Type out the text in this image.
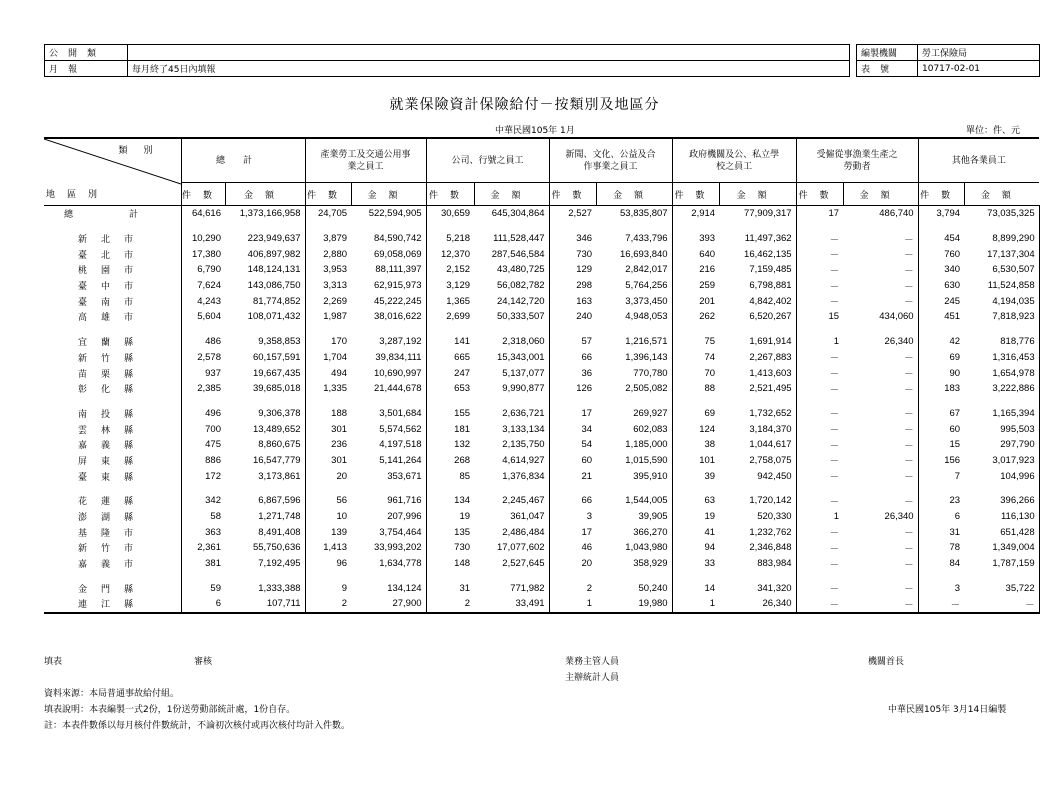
公開類	
月報	每月終了45日內填報
編製機關	勞工保險局
表號	10717-02-01
就業保險資計保險給付－按類別及地區分
中華民國105年 1月	單位：件、元
類別
地區別	總計		產業勞工及交通公用事業之員工		公司、行號之員工		新聞、文化、公益及合作事業之員工		政府機關及公、私立學校之員工		受僱從事漁業生產之勞動者		其他各業員工	
	件數	金額	件數	金額	件數	金額	件數	金額	件數	金額	件數	金額	件數	金額
總計	64,616	1,373,166,958	24,705	522,594,905	30,659	645,304,864	2,527	53,835,807	2,914	77,909,317	17	486,740	3,794	73,035,325

新北市	10,290	223,949,637	3,879	84,590,742	5,218	111,528,447	346	7,433,796	393	11,497,362	－	－	454	8,899,290
臺北市	17,380	406,897,982	2,880	69,058,069	12,370	287,546,584	730	16,693,840	640	16,462,135	－	－	760	17,137,304
桃園市	6,790	148,124,131	3,953	88,111,397	2,152	43,480,725	129	2,842,017	216	7,159,485	－	－	340	6,530,507
臺中市	7,624	143,086,750	3,313	62,915,973	3,129	56,082,782	298	5,764,256	259	6,798,881	－	－	630	11,524,858
臺南市	4,243	81,774,852	2,269	45,222,245	1,365	24,142,720	163	3,373,450	201	4,842,402	－	－	245	4,194,035
高雄市	5,604	108,071,432	1,987	38,016,622	2,699	50,333,507	240	4,948,053	262	6,520,267	15	434,060	451	7,818,923

宜蘭縣	486	9,358,853	170	3,287,192	141	2,318,060	57	1,216,571	75	1,691,914	1	26,340	42	818,776
新竹縣	2,578	60,157,591	1,704	39,834,111	665	15,343,001	66	1,396,143	74	2,267,883	－	－	69	1,316,453
苗栗縣	937	19,667,435	494	10,690,997	247	5,137,077	36	770,780	70	1,413,603	－	－	90	1,654,978
彰化縣	2,385	39,685,018	1,335	21,444,678	653	9,990,877	126	2,505,082	88	2,521,495	－	－	183	3,222,886

南投縣	496	9,306,378	188	3,501,684	155	2,636,721	17	269,927	69	1,732,652	－	－	67	1,165,394
雲林縣	700	13,489,652	301	5,574,562	181	3,133,134	34	602,083	124	3,184,370	－	－	60	995,503
嘉義縣	475	8,860,675	236	4,197,518	132	2,135,750	54	1,185,000	38	1,044,617	－	－	15	297,790
屏東縣	886	16,547,779	301	5,141,264	268	4,614,927	60	1,015,590	101	2,758,075	－	－	156	3,017,923
臺東縣	172	3,173,861	20	353,671	85	1,376,834	21	395,910	39	942,450	－	－	7	104,996

花蓮縣	342	6,867,596	56	961,716	134	2,245,467	66	1,544,005	63	1,720,142	－	－	23	396,266
澎湖縣	58	1,271,748	10	207,996	19	361,047	3	39,905	19	520,330	1	26,340	6	116,130
基隆市	363	8,491,408	139	3,754,464	135	2,486,484	17	366,270	41	1,232,762	－	－	31	651,428
新竹市	2,361	55,750,636	1,413	33,993,202	730	17,077,602	46	1,043,980	94	2,346,848	－	－	78	1,349,004
嘉義市	381	7,192,495	96	1,634,778	148	2,527,645	20	358,929	33	883,984	－	－	84	1,787,159

金門縣	59	1,333,388	9	134,124	31	771,982	2	50,240	14	341,320	－	－	3	35,722
連江縣	6	107,711	2	27,900	2	33,491	1	19,980	1	26,340	－	－	－	－
填表	審核	業務主管人員
主辦統計人員
機關首長
資料來源：本局普通事故給付組。
填表說明：本表編製一式2份，1份送勞動部統計處，1份自存。
註：本表件數係以每月核付件數統計，不論初次核付或再次核付均計入件數。
中華民國105年 3月14日編製
